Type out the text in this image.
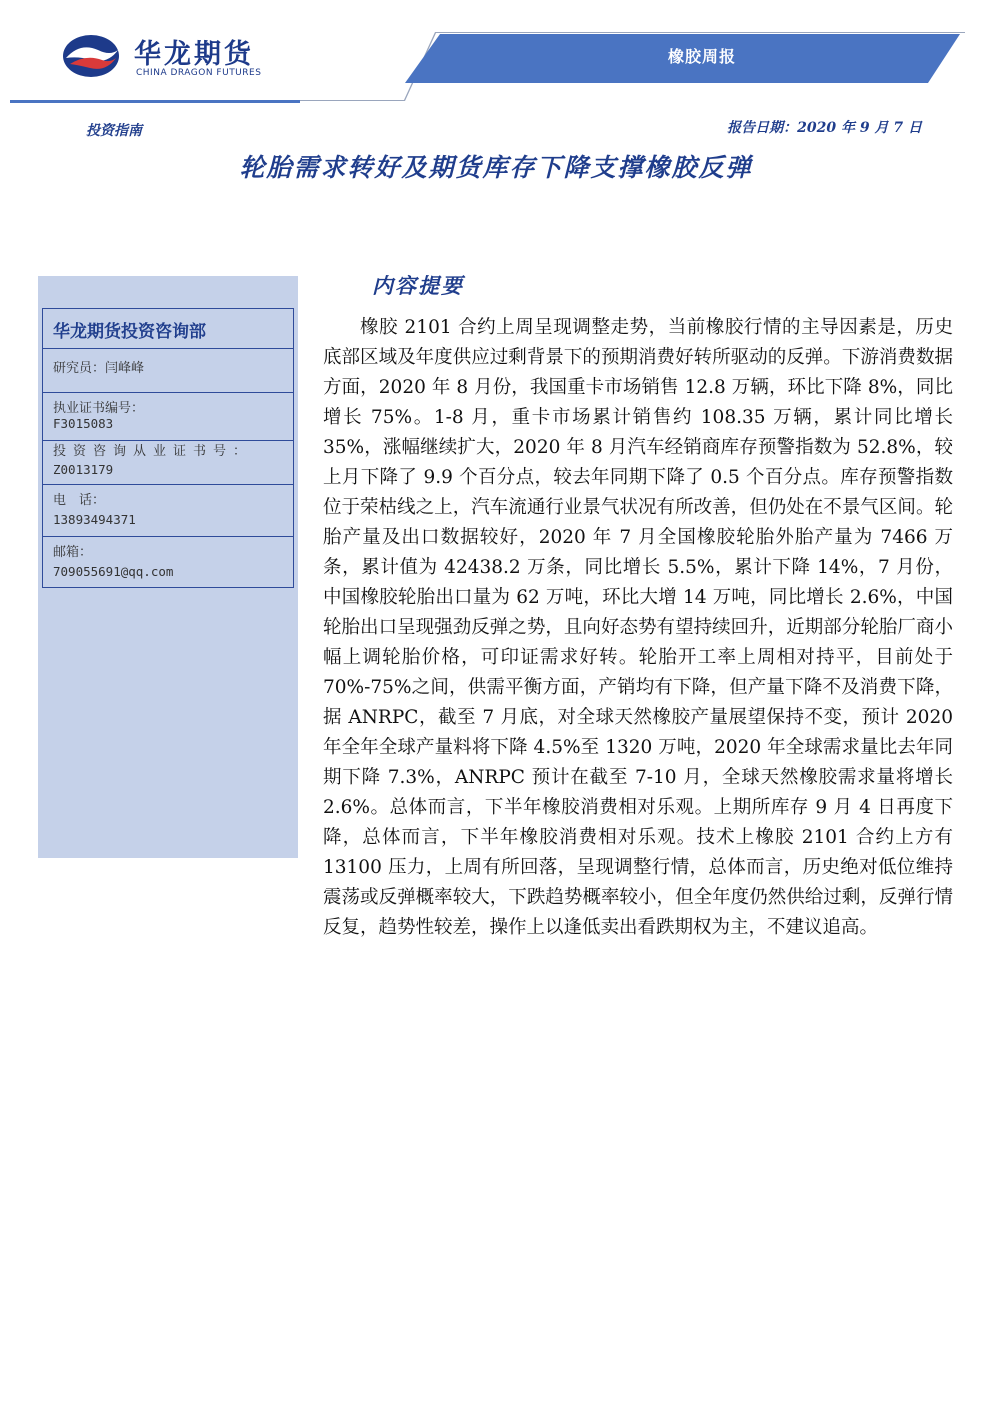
华龙期货
CHINA DRAGON FUTURES
橡胶周报
投资指南	报告日期：2020 年 9 月 7 日
轮胎需求转好及期货库存下降支撑橡胶反弹
华龙期货投资咨询部
研究员：闫峰峰
执业证书编号：
F3015083
投资咨询从业证书号：
Z0013179
电　话：
13893494371
邮箱：
709055691@qq.com
内容提要

橡胶 2101 合约上周呈现调整走势，当前橡胶行情的主导因素是，历史底部区域及年度供应过剩背景下的预期消费好转所驱动的反弹。下游消费数据方面，2020 年 8 月份，我国重卡市场销售 12.8 万辆，环比下降 8%，同比增长 75%。1-8 月，重卡市场累计销售约 108.35 万辆，累计同比增长 35%，涨幅继续扩大，2020 年 8 月汽车经销商库存预警指数为 52.8%，较上月下降了 9.9 个百分点，较去年同期下降了 0.5 个百分点。库存预警指数位于荣枯线之上，汽车流通行业景气状况有所改善，但仍处在不景气区间。轮胎产量及出口数据较好，2020 年 7 月全国橡胶轮胎外胎产量为 7466 万条，累计值为 42438.2 万条，同比增长 5.5%，累计下降 14%，7 月份，中国橡胶轮胎出口量为 62 万吨，环比大增 14 万吨，同比增长 2.6%，中国轮胎出口呈现强劲反弹之势，且向好态势有望持续回升，近期部分轮胎厂商小幅上调轮胎价格，可印证需求好转。轮胎开工率上周相对持平，目前处于 70%-75%之间，供需平衡方面，产销均有下降，但产量下降不及消费下降，据 ANRPC，截至 7 月底，对全球天然橡胶产量展望保持不变，预计 2020 年全年全球产量料将下降 4.5%至 1320 万吨，2020 年全球需求量比去年同期下降 7.3%，ANRPC 预计在截至 7-10 月，全球天然橡胶需求量将增长 2.6%。总体而言，下半年橡胶消费相对乐观。上期所库存 9 月 4 日再度下降，总体而言，下半年橡胶消费相对乐观。技术上橡胶 2101 合约上方有 13100 压力，上周有所回落，呈现调整行情，总体而言，历史绝对低位维持震荡或反弹概率较大，下跌趋势概率较小，但全年度仍然供给过剩，反弹行情反复，趋势性较差，操作上以逢低卖出看跌期权为主，不建议追高。
